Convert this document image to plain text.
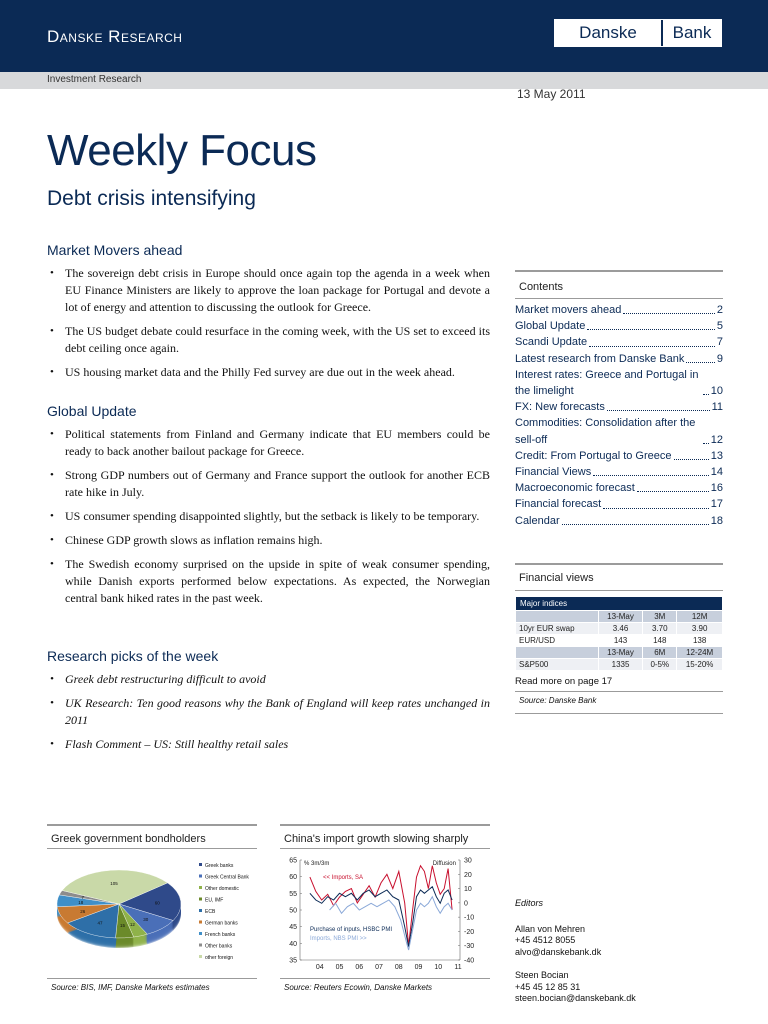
Danske Research	Danske	Bank
Investment Research
13 May 2011
Weekly Focus
Debt crisis intensifying
Market Movers ahead
• The sovereign debt crisis in Europe should once again top the agenda in a week when EU Finance Ministers are likely to approve the loan package for Portugal and devote a lot of energy and attention to discussing the outlook for Greece.
• The US budget debate could resurface in the coming week, with the US set to exceed its debt ceiling once again.
• US housing market data and the Philly Fed survey are due out in the week ahead.
Global Update
• Political statements from Finland and Germany indicate that EU members could be ready to back another bailout package for Greece.
• Strong GDP numbers out of Germany and France support the outlook for another ECB rate hike in July.
• US consumer spending disappointed slightly, but the setback is likely to be temporary.
• Chinese GDP growth slows as inflation remains high.
• The Swedish economy surprised on the upside in spite of weak consumer spending, while Danish exports performed below expectations. As expected, the Norwegian central bank hiked rates in the past week.
Research picks of the week
• Greek debt restructuring difficult to avoid
• UK Research: Ten good reasons why the Bank of England will keep rates unchanged in 2011
• Flash Comment – US: Still healthy retail sales
Contents
Market movers ahead	2
Global Update	5
Scandi Update	7
Latest research from Danske Bank	9
Interest rates: Greece and Portugal in the limelight	10
FX: New forecasts	11
Commodities: Consolidation after the sell-off	12
Credit: From Portugal to Greece	13
Financial Views	14
Macroeconomic forecast	16
Financial forecast	17
Calendar	18
Financial views
Major indices			
	13-May	3M	12M
10yr EUR swap	3.46	3.70	3.90
EUR/USD	143	148	138
	13-May	6M	12-24M
S&P500	1335	0-5%	15-20%
Read more on page 17
Source: Danske Bank
Greek government bondholders
60
30
12
15
47
26
18
7
105
Greek banks
Greek Central Bank
Other domestic
EU, IMF
ECB
German banks
French banks
Other banks
other foreign
Source: BIS, IMF, Danske Markets estimates
China's import growth slowing sharply
65
60
55
50
45
40
35
30
20
10
0
-10
-20
-30
-40
04 05 06 07 08 09 10 11
% 3m/3m	Diffusion
<< Imports, SA
Purchase of inputs, HSBC PMI
Imports, NBS PMI >>
Source: Reuters Ecowin, Danske Markets
Editors
Allan von Mehren
+45 4512 8055
alvo@danskebank.dk
Steen Bocian
+45 45 12 85 31
steen.bocian@danskebank.dk
